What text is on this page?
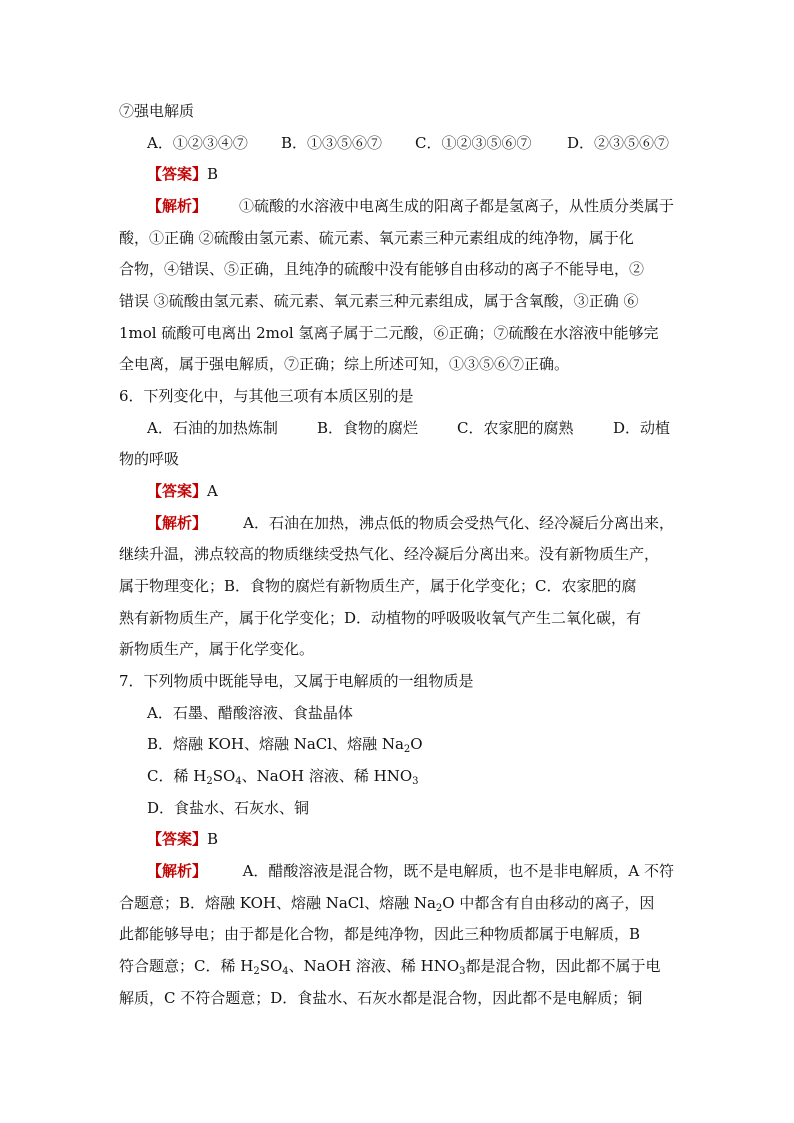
⑦强电解质
A．①②③④⑦ B．①③⑤⑥⑦ C．①②③⑤⑥⑦ D．②③⑤⑥⑦
【答案】B
【解析】 ①硫酸的水溶液中电离生成的阳离子都是氢离子，从性质分类属于
酸，①正确 ②硫酸由氢元素、硫元素、氧元素三种元素组成的纯净物，属于化
合物，④错误、⑤正确，且纯净的硫酸中没有能够自由移动的离子不能导电，②
错误 ③硫酸由氢元素、硫元素、氧元素三种元素组成，属于含氧酸，③正确 ⑥
1mol 硫酸可电离出 2mol 氢离子属于二元酸，⑥正确；⑦硫酸在水溶液中能够完
全电离，属于强电解质，⑦正确；综上所述可知，①③⑤⑥⑦正确。
6．下列变化中，与其他三项有本质区别的是
A．石油的加热炼制	B．食物的腐烂	C．农家肥的腐熟	D．动植
物的呼吸
【答案】A
【解析】 A．石油在加热，沸点低的物质会受热气化、经冷凝后分离出来，
继续升温，沸点较高的物质继续受热气化、经冷凝后分离出来。没有新物质生产，
属于物理变化；B．食物的腐烂有新物质生产，属于化学变化；C．农家肥的腐
熟有新物质生产，属于化学变化；D．动植物的呼吸吸收氧气产生二氧化碳，有
新物质生产，属于化学变化。
7．下列物质中既能导电，又属于电解质的一组物质是
A．石墨、醋酸溶液、食盐晶体
B．熔融 KOH、熔融 NaCl、熔融 $Na_2O$
C．稀 $H_2SO_4$、NaOH 溶液、稀 $HNO_3$
D．食盐水、石灰水、铜
【答案】B
【解析】 A．醋酸溶液是混合物，既不是电解质，也不是非电解质，A 不符
合题意；B．熔融 KOH、熔融 NaCl、熔融 $Na_2O$ 中都含有自由移动的离子，因
此都能够导电；由于都是化合物，都是纯净物，因此三种物质都属于电解质，B
符合题意；C．稀 $H_2SO_4$、NaOH 溶液、稀 $HNO_3$都是混合物，因此都不属于电
解质，C 不符合题意；D．食盐水、石灰水都是混合物，因此都不是电解质；铜
